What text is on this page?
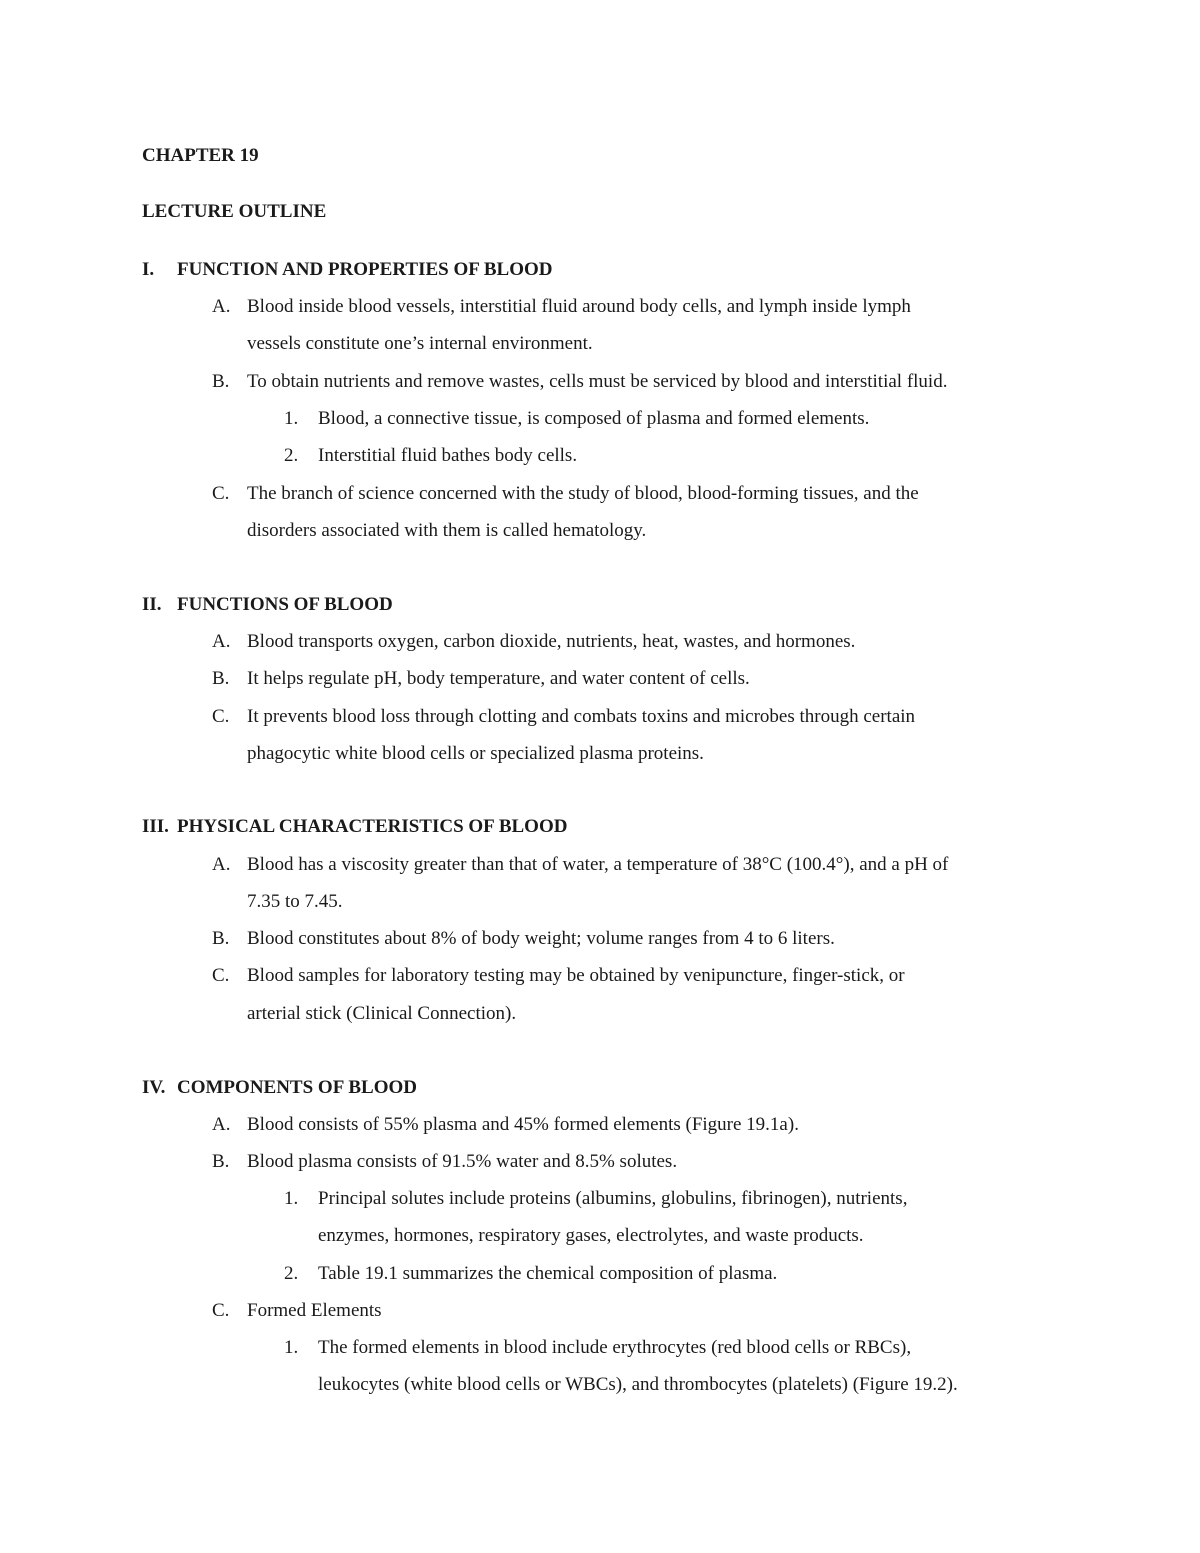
CHAPTER 19
LECTURE OUTLINE
I. FUNCTION AND PROPERTIES OF BLOOD
A. Blood inside blood vessels, interstitial fluid around body cells, and lymph inside lymph
vessels constitute one’s internal environment.
B. To obtain nutrients and remove wastes, cells must be serviced by blood and interstitial fluid.
1. Blood, a connective tissue, is composed of plasma and formed elements.
2. Interstitial fluid bathes body cells.
C. The branch of science concerned with the study of blood, blood-forming tissues, and the
disorders associated with them is called hematology.
II. FUNCTIONS OF BLOOD
A. Blood transports oxygen, carbon dioxide, nutrients, heat, wastes, and hormones.
B. It helps regulate pH, body temperature, and water content of cells.
C. It prevents blood loss through clotting and combats toxins and microbes through certain
phagocytic white blood cells or specialized plasma proteins.
III. PHYSICAL CHARACTERISTICS OF BLOOD
A. Blood has a viscosity greater than that of water, a temperature of 38°C (100.4°), and a pH of
7.35 to 7.45.
B. Blood constitutes about 8% of body weight; volume ranges from 4 to 6 liters.
C. Blood samples for laboratory testing may be obtained by venipuncture, finger-stick, or
arterial stick (Clinical Connection).
IV. COMPONENTS OF BLOOD
A. Blood consists of 55% plasma and 45% formed elements (Figure 19.1a).
B. Blood plasma consists of 91.5% water and 8.5% solutes.
1. Principal solutes include proteins (albumins, globulins, fibrinogen), nutrients,
enzymes, hormones, respiratory gases, electrolytes, and waste products.
2. Table 19.1 summarizes the chemical composition of plasma.
C. Formed Elements
1. The formed elements in blood include erythrocytes (red blood cells or RBCs),
leukocytes (white blood cells or WBCs), and thrombocytes (platelets) (Figure 19.2).
